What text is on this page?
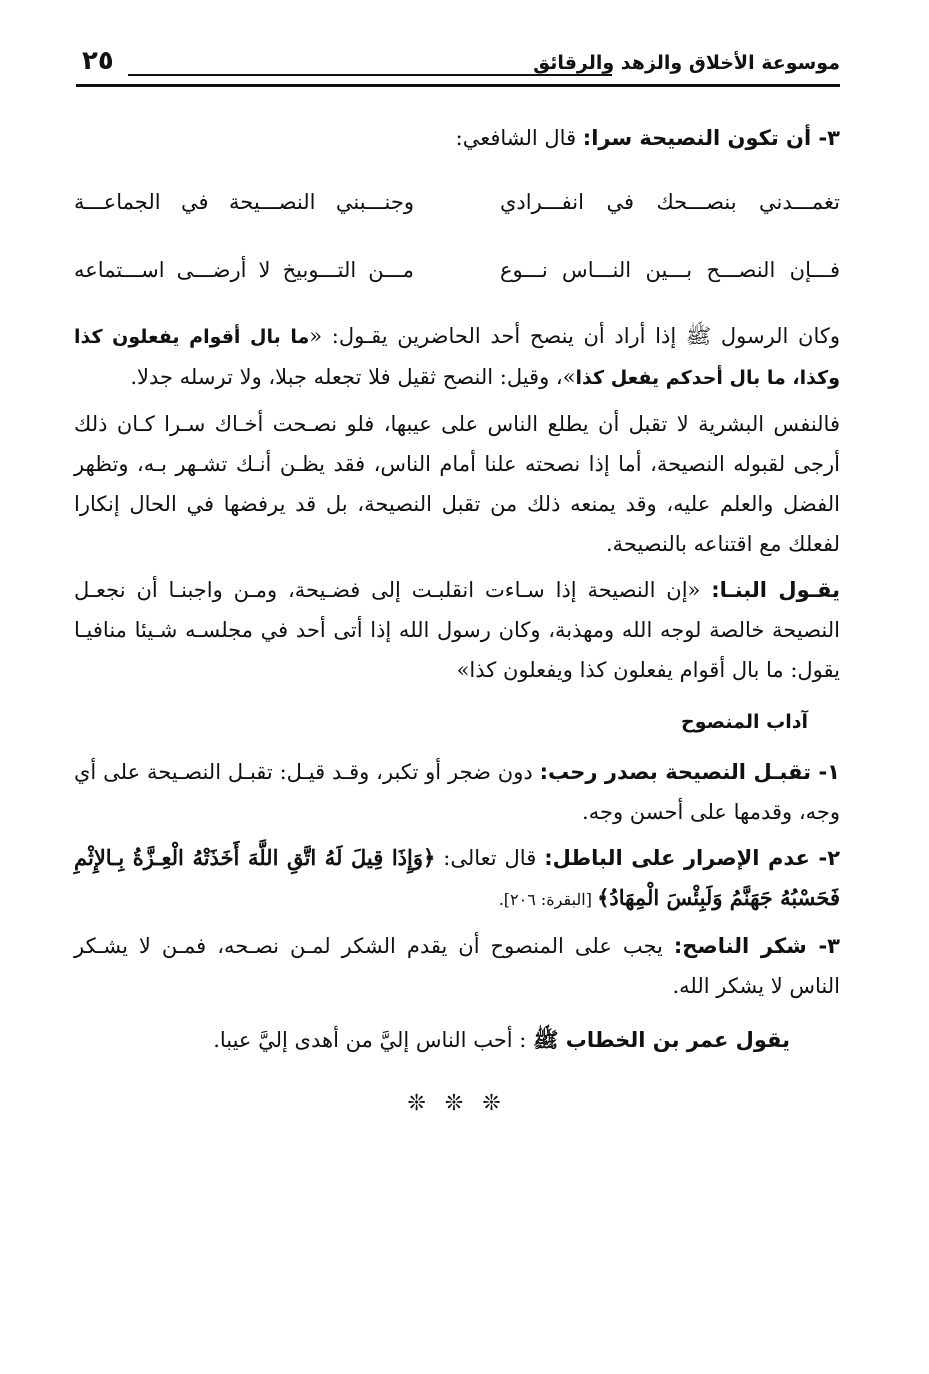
موسوعة الأخلاق والزهد والرقائق
٢٥

٣- أن تكون النصيحة سرا: قال الشافعي:

تغمـــدني بنصـــحك في انفـــرادي
وجنـــبني النصـــيحة في الجماعـــة
فـــإن النصـــح بـــين النـــاس نـــوع
مـــن التـــوبيخ لا أرضـــى اســـتماعه

وكان الرسول ﷺ إذا أراد أن ينصح أحد الحاضرين يقـول: «ما بال أقوام يفعلون كذا وكذا، ما بال أحدكم يفعل كذا»، وقيل: النصح ثقيل فلا تجعله جبلا، ولا ترسله جدلا.

فالنفس البشرية لا تقبل أن يطلع الناس على عيبها، فلو نصـحت أخـاك سـرا كـان ذلك أرجى لقبوله النصيحة، أما إذا نصحته علنا أمام الناس، فقد يظـن أنـك تشـهر بـه، وتظهر الفضل والعلم عليه، وقد يمنعه ذلك من تقبل النصيحة، بل قد يرفضها في الحال إنكارا لفعلك مع اقتناعه بالنصيحة.

يقـول البنـا: «إن النصيحة إذا سـاءت انقلبـت إلى فضـيحة، ومـن واجبنـا أن نجعـل النصيحة خالصة لوجه الله ومهذبة، وكان رسول الله إذا أتى أحد في مجلسـه شـيئا منافيـا يقول: ما بال أقوام يفعلون كذا ويفعلون كذا»

آداب المنصوح

١- تقبـل النصيحة بصدر رحب: دون ضجر أو تكبر، وقـد قيـل: تقبـل النصـيحة على أي وجه، وقدمها على أحسن وجه.

٢- عدم الإصرار على الباطل: قال تعالى: ﴿وَإِذَا قِيلَ لَهُ اتَّقِ اللَّهَ أَخَذَتْهُ الْعِـزَّةُ بِـالإِثْمِ فَحَسْبُهُ جَهَنَّمُ وَلَبِئْسَ الْمِهَادُ﴾ [البقرة: ٢٠٦].

٣- شكر الناصح: يجب على المنصوح أن يقدم الشكر لمـن نصـحه، فمـن لا يشـكر الناس لا يشكر الله.

يقول عمر بن الخطاب ﷺ : أحب الناس إليَّ من أهدى إليَّ عيبا.

❊ ❊ ❊
